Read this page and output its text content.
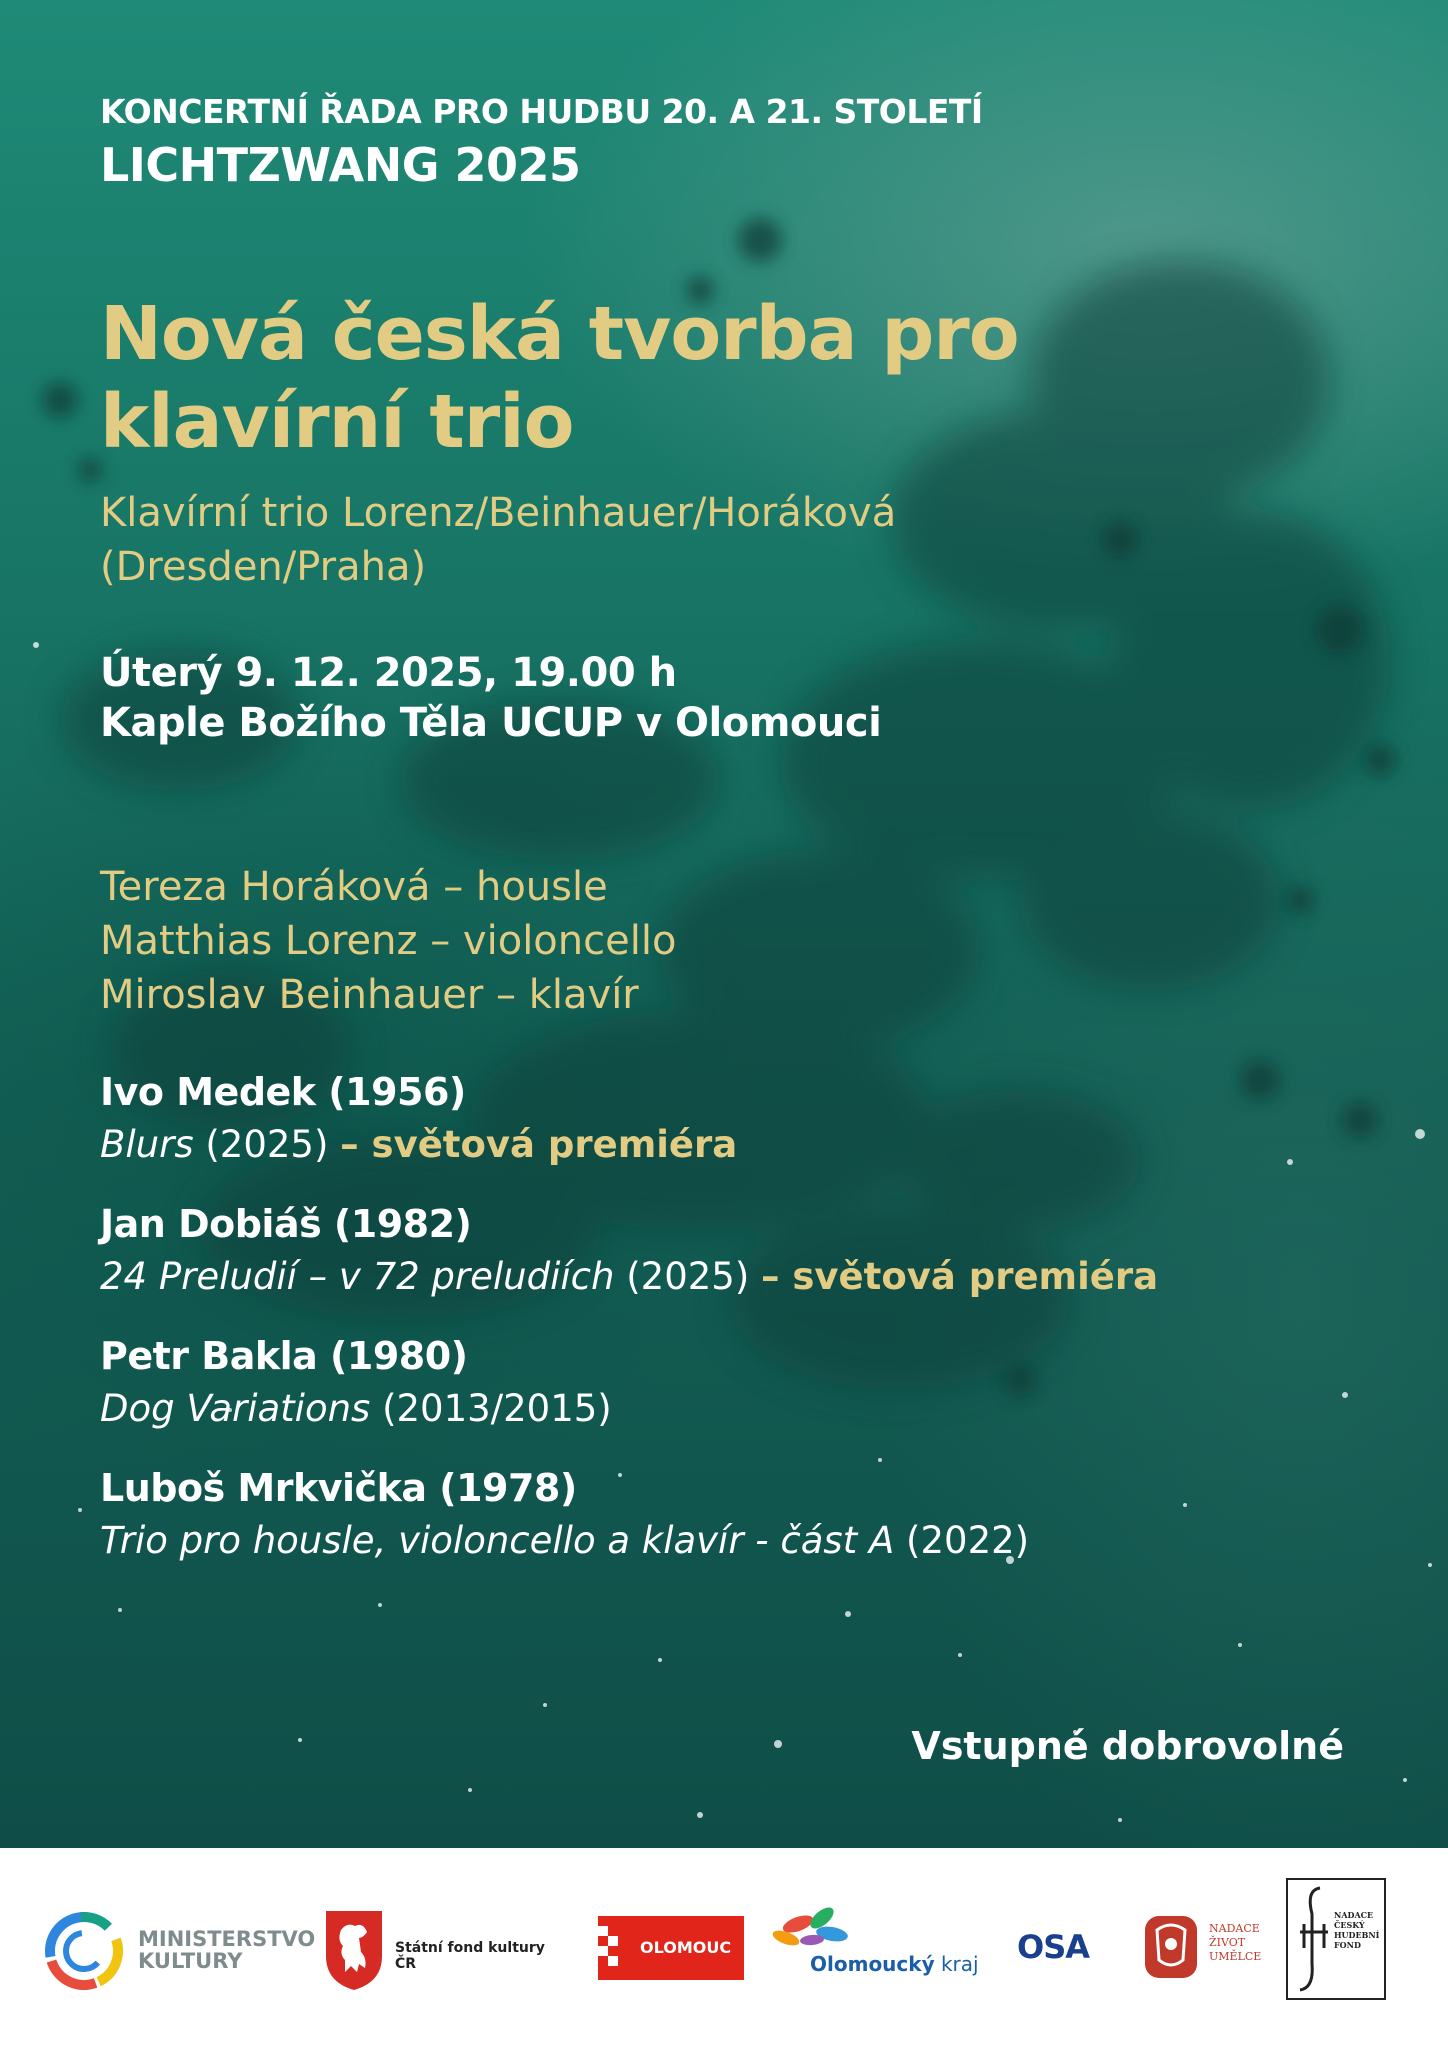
KONCERTNÍ ŘADA PRO HUDBU 20. A 21. STOLETÍ

LICHTZWANG 2025

Nová česká tvorba pro
klavírní trio

Klavírní trio Lorenz/Beinhauer/Horáková
(Dresden/Praha)

Úterý 9. 12. 2025, 19.00 h
Kaple Božího Těla UCUP v Olomouci

Tereza Horáková – housle
Matthias Lorenz – violoncello
Miroslav Beinhauer – klavír

Ivo Medek (1956)
Blurs (2025) – světová premiéra
Jan Dobiáš (1982)
24 Preludií – v 72 preludiích (2025) – světová premiéra
Petr Bakla (1980)
Dog Variations (2013/2015)
Luboš Mrkvička (1978)
Trio pro housle, violoncello a klavír - část A (2022)
Vstupné dobrovolné
MINISTERSTVO
KULTURY
Státní fond kultury ČR
OLOMOUC
Olomoucký kraj OSA	NADACE
ŽIVOT
UMĚLCE
NADACE
ČESKÝ
HUDEBNÍ
FOND
